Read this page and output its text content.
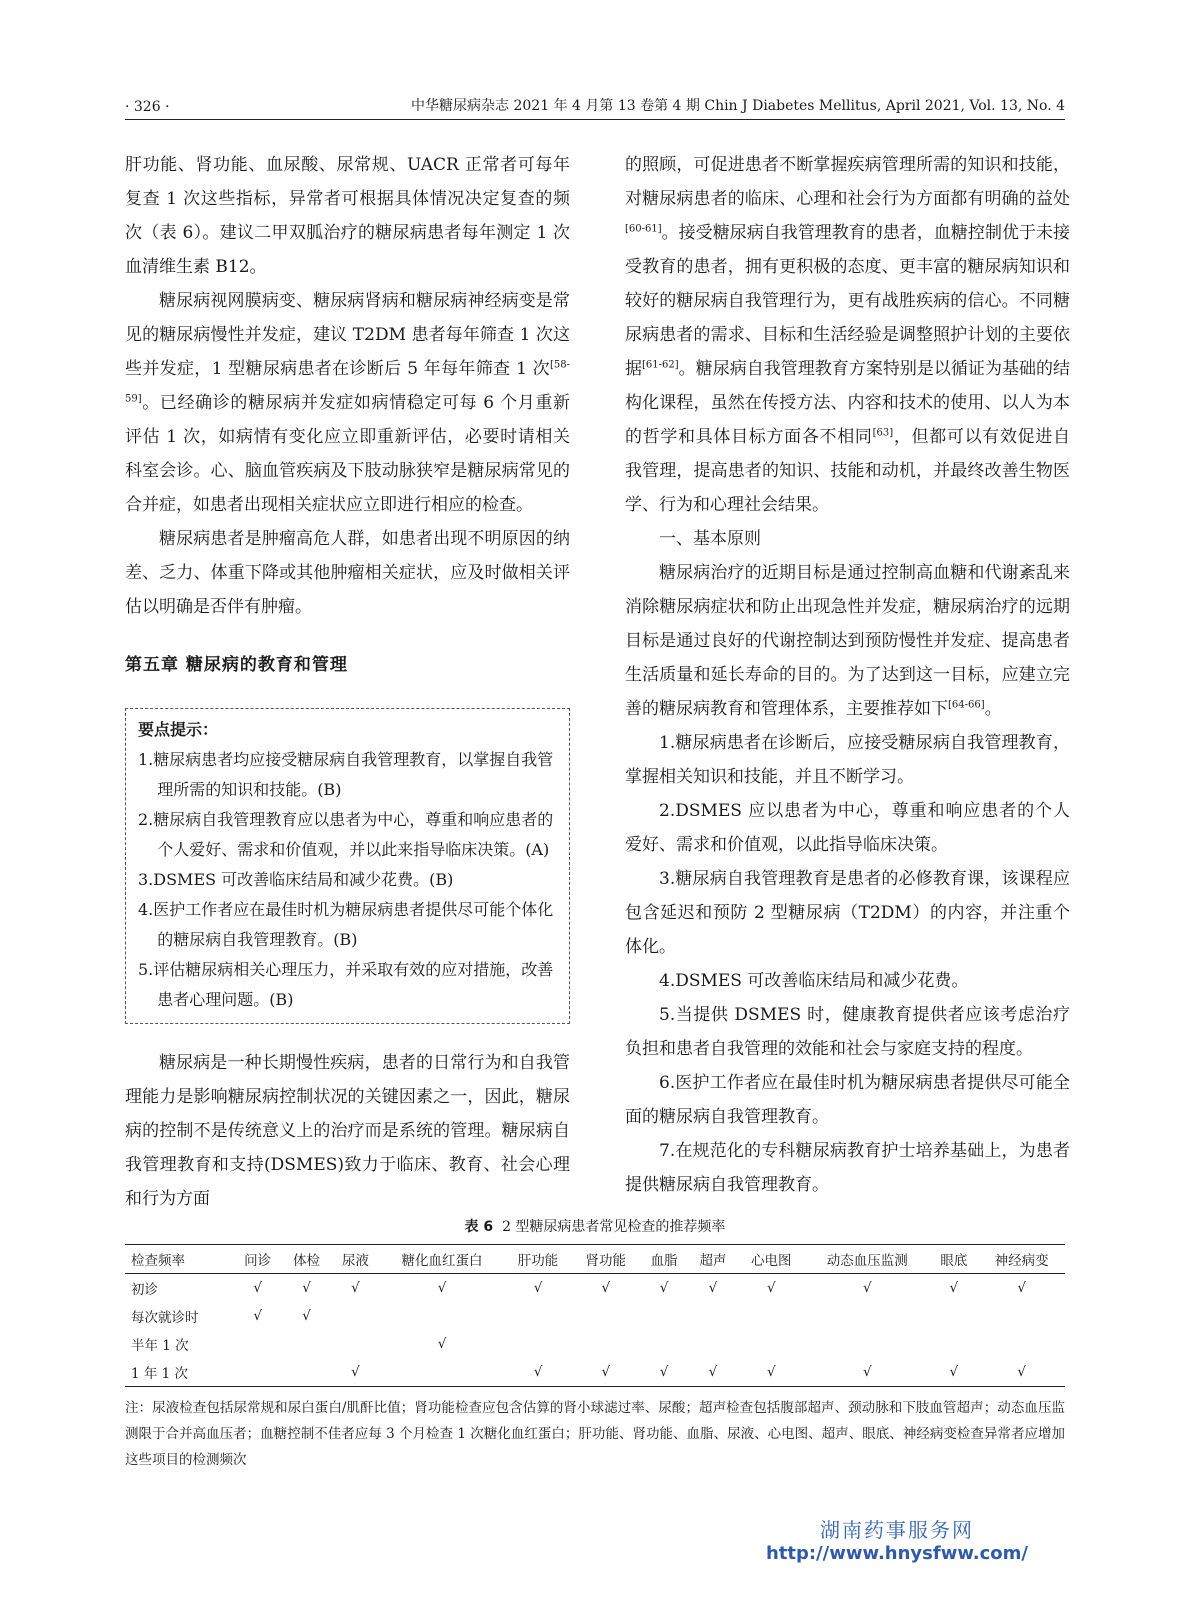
· 326 ·	中华糖尿病杂志 2021 年 4 月第 13 卷第 4 期 Chin J Diabetes Mellitus, April 2021, Vol. 13, No. 4

肝功能、肾功能、血尿酸、尿常规、UACR 正常者可每年复查 1 次这些指标，异常者可根据具体情况决定复查的频次（表 6）。建议二甲双胍治疗的糖尿病患者每年测定 1 次血清维生素 B12。

糖尿病视网膜病变、糖尿病肾病和糖尿病神经病变是常见的糖尿病慢性并发症，建议 T2DM 患者每年筛查 1 次这些并发症，1 型糖尿病患者在诊断后 5 年每年筛查 1 次[58-59]。已经确诊的糖尿病并发症如病情稳定可每 6 个月重新评估 1 次，如病情有变化应立即重新评估，必要时请相关科室会诊。心、脑血管疾病及下肢动脉狭窄是糖尿病常见的合并症，如患者出现相关症状应立即进行相应的检查。

糖尿病患者是肿瘤高危人群，如患者出现不明原因的纳差、乏力、体重下降或其他肿瘤相关症状，应及时做相关评估以明确是否伴有肿瘤。

第五章 糖尿病的教育和管理

要点提示：
1.糖尿病患者均应接受糖尿病自我管理教育，以掌握自我管理所需的知识和技能。(B)
2.糖尿病自我管理教育应以患者为中心，尊重和响应患者的个人爱好、需求和价值观，并以此来指导临床决策。(A)
3.DSMES 可改善临床结局和减少花费。(B)
4.医护工作者应在最佳时机为糖尿病患者提供尽可能个体化的糖尿病自我管理教育。(B)
5.评估糖尿病相关心理压力，并采取有效的应对措施，改善患者心理问题。(B)

糖尿病是一种长期慢性疾病，患者的日常行为和自我管理能力是影响糖尿病控制状况的关键因素之一，因此，糖尿病的控制不是传统意义上的治疗而是系统的管理。糖尿病自我管理教育和支持(DSMES)致力于临床、教育、社会心理和行为方面

的照顾，可促进患者不断掌握疾病管理所需的知识和技能，对糖尿病患者的临床、心理和社会行为方面都有明确的益处[60-61]。接受糖尿病自我管理教育的患者，血糖控制优于未接受教育的患者，拥有更积极的态度、更丰富的糖尿病知识和较好的糖尿病自我管理行为，更有战胜疾病的信心。不同糖尿病患者的需求、目标和生活经验是调整照护计划的主要依据[61-62]。糖尿病自我管理教育方案特别是以循证为基础的结构化课程，虽然在传授方法、内容和技术的使用、以人为本的哲学和具体目标方面各不相同[63]，但都可以有效促进自我管理，提高患者的知识、技能和动机，并最终改善生物医学、行为和心理社会结果。

一、基本原则

糖尿病治疗的近期目标是通过控制高血糖和代谢紊乱来消除糖尿病症状和防止出现急性并发症，糖尿病治疗的远期目标是通过良好的代谢控制达到预防慢性并发症、提高患者生活质量和延长寿命的目的。为了达到这一目标，应建立完善的糖尿病教育和管理体系，主要推荐如下[64-66]。

1.糖尿病患者在诊断后，应接受糖尿病自我管理教育，掌握相关知识和技能，并且不断学习。

2.DSMES 应以患者为中心，尊重和响应患者的个人爱好、需求和价值观，以此指导临床决策。

3.糖尿病自我管理教育是患者的必修教育课，该课程应包含延迟和预防 2 型糖尿病（T2DM）的内容，并注重个体化。

4.DSMES 可改善临床结局和减少花费。

5.当提供 DSMES 时，健康教育提供者应该考虑治疗负担和患者自我管理的效能和社会与家庭支持的程度。

6.医护工作者应在最佳时机为糖尿病患者提供尽可能全面的糖尿病自我管理教育。

7.在规范化的专科糖尿病教育护士培养基础上，为患者提供糖尿病自我管理教育。

表 6 2 型糖尿病患者常见检查的推荐频率
检查频率	问诊	体检	尿液	糖化血红蛋白	肝功能	肾功能	血脂	超声	心电图	动态血压监测	眼底	神经病变
初诊	√	√	√	√	√	√	√	√	√	√	√	√
每次就诊时	√	√										
半年 1 次				√								
1 年 1 次			√		√	√	√	√	√	√	√	√
注：尿液检查包括尿常规和尿白蛋白/肌酐比值；肾功能检查应包含估算的肾小球滤过率、尿酸；超声检查包括腹部超声、颈动脉和下肢血管超声；动态血压监测限于合并高血压者；血糖控制不佳者应每 3 个月检查 1 次糖化血红蛋白；肝功能、肾功能、血脂、尿液、心电图、超声、眼底、神经病变检查异常者应增加这些项目的检测频次
湖南药事服务网
http://www.hnysfww.com/
